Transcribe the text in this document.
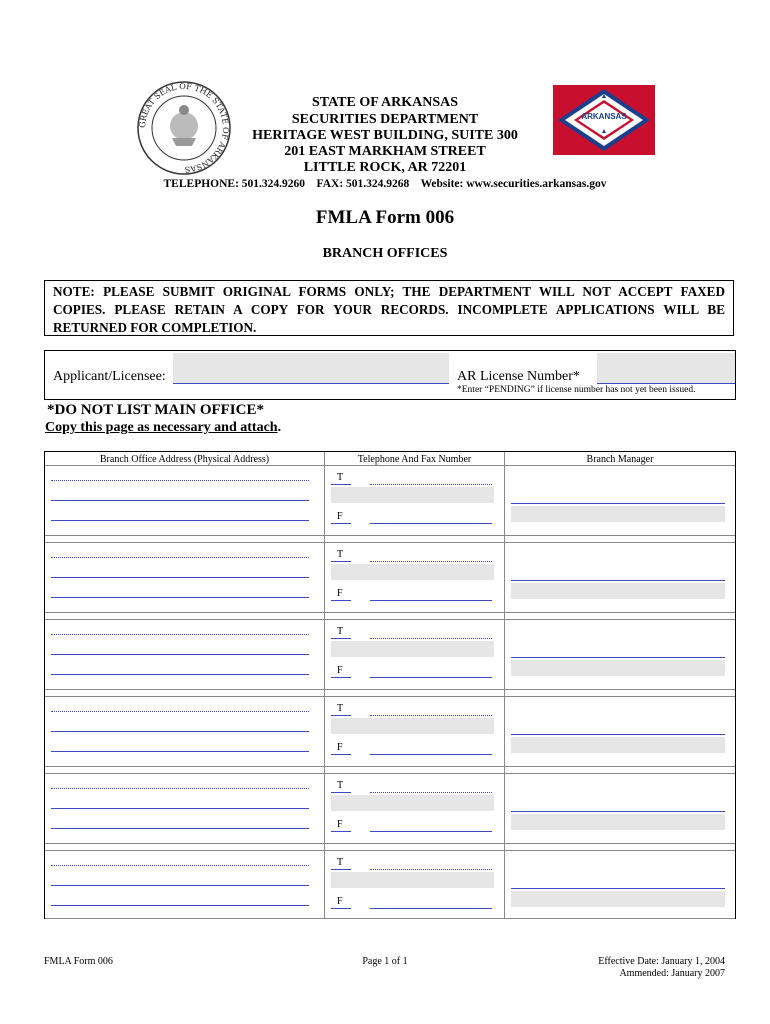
GREAT SEAL OF THE STATE OF ARKANSAS
STATE OF ARKANSAS
SECURITIES DEPARTMENT
HERITAGE WEST BUILDING, SUITE 300
201 EAST MARKHAM STREET
LITTLE ROCK, AR 72201
ARKANSAS
TELEPHONE: 501.324.9260    FAX: 501.324.9268    Website: www.securities.arkansas.gov
FMLA Form 006
BRANCH OFFICES
NOTE: PLEASE SUBMIT ORIGINAL FORMS ONLY; THE DEPARTMENT WILL NOT ACCEPT FAXED COPIES. PLEASE RETAIN A COPY FOR YOUR RECORDS. INCOMPLETE APPLICATIONS WILL BE RETURNED FOR COMPLETION.
Applicant/Licensee:	AR License Number*
*Enter “PENDING” if license number has not yet been issued.
*DO NOT LIST MAIN OFFICE*
Copy this page as necessary and attach.
Branch Office Address (Physical Address)	Telephone And Fax Number	Branch Manager
T
F
T
F
T
F
T
F
T
F
T
F
FMLA Form 006	Page 1 of 1	Effective Date: January 1, 2004
Ammended: January 2007
